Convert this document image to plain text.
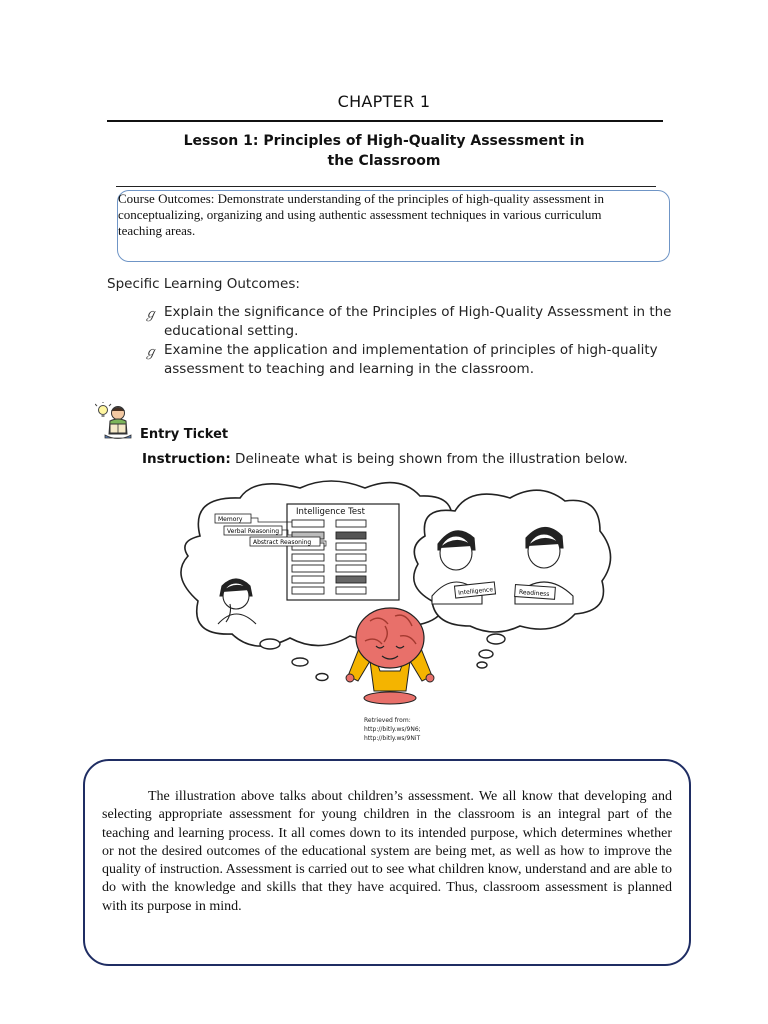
CHAPTER 1
Lesson 1: Principles of High-Quality Assessment in the Classroom
Course Outcomes: Demonstrate understanding of the principles of high-quality assessment in conceptualizing, organizing and using authentic assessment techniques in various curriculum teaching areas.
Specific Learning Outcomes:
ℊ Explain the significance of the Principles of High-Quality Assessment in the educational setting.
ℊ Examine the application and implementation of principles of high-quality assessment to teaching and learning in the classroom.
Entry Ticket
Instruction: Delineate what is being shown from the illustration below.
Intelligence Test
Memory
Verbal Reasoning
Abstract Reasoning
Intelligence	Readiness
Retrieved from:
http://bitly.ws/9N6;
http://bitly.ws/9NiT
The illustration above talks about children’s assessment. We all know that developing and selecting appropriate assessment for young children in the classroom is an integral part of the teaching and learning process. It all comes down to its intended purpose, which determines whether or not the desired outcomes of the educational system are being met, as well as how to improve the quality of instruction. Assessment is carried out to see what children know, understand and are able to do with the knowledge and skills that they have acquired. Thus, classroom assessment is planned with its purpose in mind.
